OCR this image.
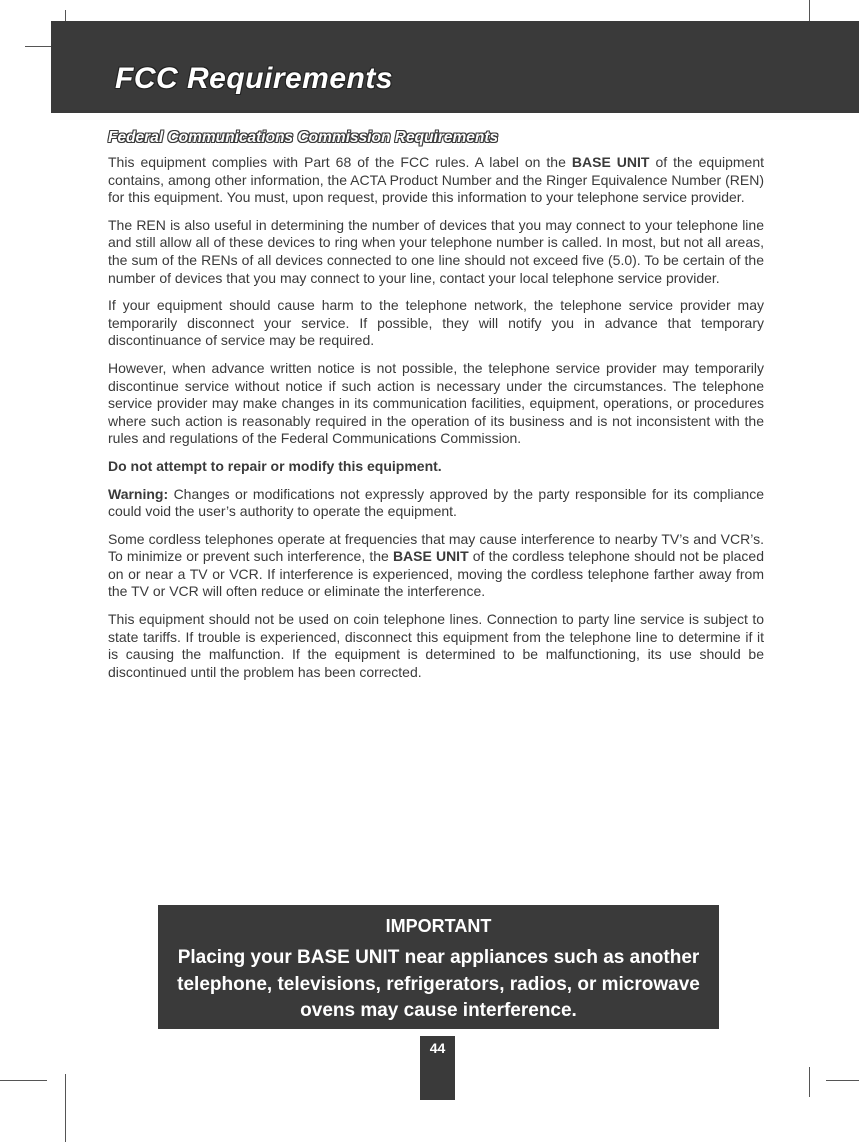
FCC Requirements
Federal Communications Commission Requirements

This equipment complies with Part 68 of the FCC rules. A label on the BASE UNIT of the equipment contains, among other information, the ACTA Product Number and the Ringer Equivalence Number (REN) for this equipment. You must, upon request, provide this information to your telephone service provider.

The REN is also useful in determining the number of devices that you may connect to your telephone line and still allow all of these devices to ring when your telephone number is called. In most, but not all areas, the sum of the RENs of all devices connected to one line should not exceed five (5.0). To be certain of the number of devices that you may connect to your line, contact your local telephone service provider.

If your equipment should cause harm to the telephone network, the telephone service provider may temporarily disconnect your service. If possible, they will notify you in advance that temporary discontinuance of service may be required.

However, when advance written notice is not possible, the telephone service provider may temporarily discontinue service without notice if such action is necessary under the circumstances. The telephone service provider may make changes in its communication facilities, equipment, operations, or procedures where such action is reasonably required in the operation of its business and is not inconsistent with the rules and regulations of the Federal Communications Commission.

Do not attempt to repair or modify this equipment.

Warning: Changes or modifications not expressly approved by the party responsible for its compliance could void the user’s authority to operate the equipment.

Some cordless telephones operate at frequencies that may cause interference to nearby TV’s and VCR’s. To minimize or prevent such interference, the BASE UNIT of the cordless telephone should not be placed on or near a TV or VCR. If interference is experienced, moving the cordless telephone farther away from the TV or VCR will often reduce or eliminate the interference.

This equipment should not be used on coin telephone lines. Connection to party line service is subject to state tariffs. If trouble is experienced, disconnect this equipment from the telephone line to determine if it is causing the malfunction. If the equipment is determined to be malfunctioning, its use should be discontinued until the problem has been corrected.

IMPORTANT

Placing your BASE UNIT near appliances such as another telephone, televisions, refrigerators, radios, or microwave ovens may cause interference.

44
